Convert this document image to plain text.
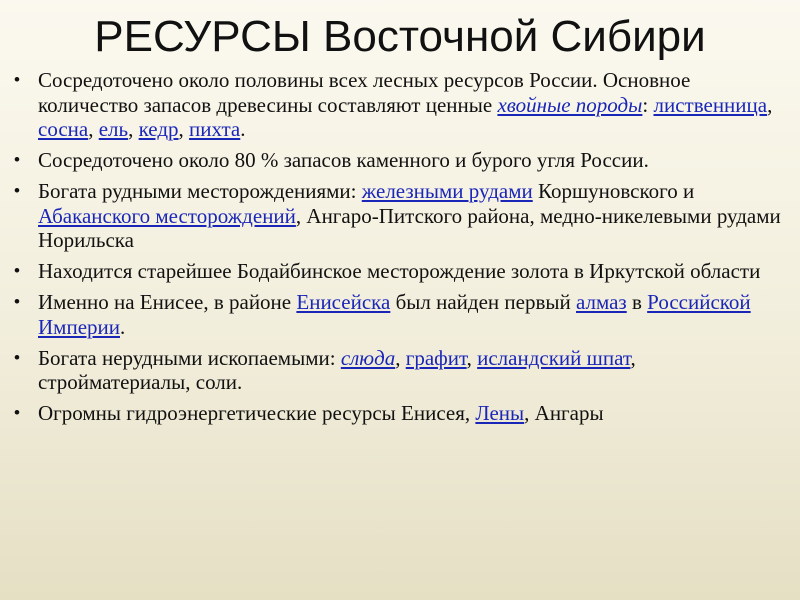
РЕСУРСЫ Восточной Сибири
• Сосредоточено около половины всех лесных ресурсов России. Основное количество запасов древесины составляют ценные хвойные породы: лиственница, сосна, ель, кедр, пихта.
• Сосредоточено около 80 % запасов каменного и бурого угля России.
• Богата рудными месторождениями: железными рудами Коршуновского и Абаканского месторождений, Ангаро-Питского района, медно-никелевыми рудами Норильска
• Находится старейшее Бодайбинское месторождение золота в Иркутской области
• Именно на Енисее, в районе Енисейска был найден первый алмаз в Российской Империи.
• Богата нерудными ископаемыми: слюда, графит, исландский шпат, стройматериалы, соли.
• Огромны гидроэнергетические ресурсы Енисея, Лены, Ангары
